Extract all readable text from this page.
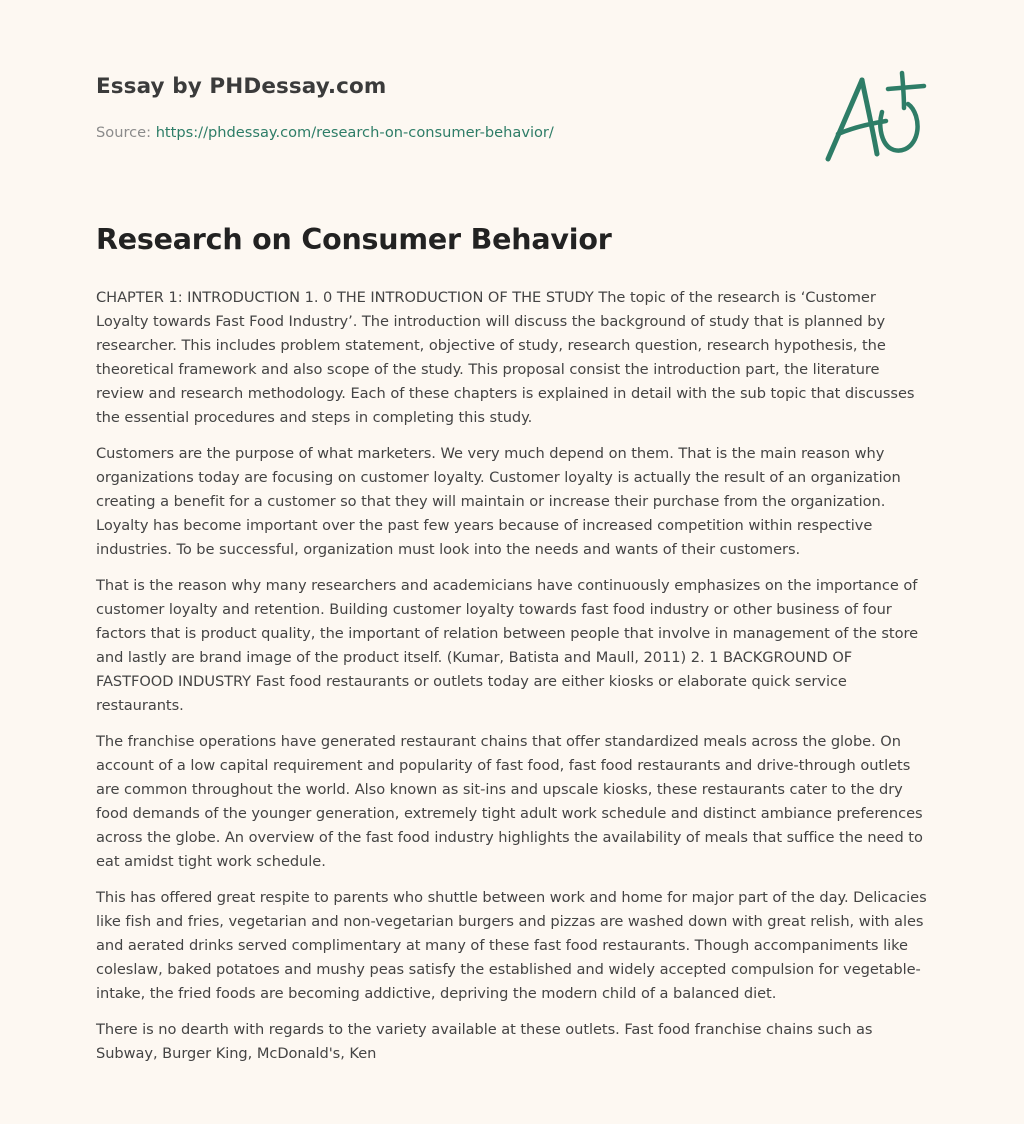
Essay by PHDessay.com
Source: https://phdessay.com/research-on-consumer-behavior/
Research on Consumer Behavior

CHAPTER 1: INTRODUCTION 1. 0 THE INTRODUCTION OF THE STUDY The topic of the research is ‘Customer Loyalty towards Fast Food Industry’. The introduction will discuss the background of study that is planned by researcher. This includes problem statement, objective of study, research question, research hypothesis, the theoretical framework and also scope of the study. This proposal consist the introduction part, the literature review and research methodology. Each of these chapters is explained in detail with the sub topic that discusses the essential procedures and steps in completing this study.

Customers are the purpose of what marketers. We very much depend on them. That is the main reason why organizations today are focusing on customer loyalty. Customer loyalty is actually the result of an organization creating a benefit for a customer so that they will maintain or increase their purchase from the organization. Loyalty has become important over the past few years because of increased competition within respective industries. To be successful, organization must look into the needs and wants of their customers.

That is the reason why many researchers and academicians have continuously emphasizes on the importance of customer loyalty and retention. Building customer loyalty towards fast food industry or other business of four factors that is product quality, the important of relation between people that involve in management of the store and lastly are brand image of the product itself. (Kumar, Batista and Maull, 2011) 2. 1 BACKGROUND OF FASTFOOD INDUSTRY Fast food restaurants or outlets today are either kiosks or elaborate quick service restaurants.

The franchise operations have generated restaurant chains that offer standardized meals across the globe. On account of a low capital requirement and popularity of fast food, fast food restaurants and drive-through outlets are common throughout the world. Also known as sit-ins and upscale kiosks, these restaurants cater to the dry food demands of the younger generation, extremely tight adult work schedule and distinct ambiance preferences across the globe. An overview of the fast food industry highlights the availability of meals that suffice the need to eat amidst tight work schedule.

This has offered great respite to parents who shuttle between work and home for major part of the day. Delicacies like fish and fries, vegetarian and non-vegetarian burgers and pizzas are washed down with great relish, with ales and aerated drinks served complimentary at many of these fast food restaurants. Though accompaniments like coleslaw, baked potatoes and mushy peas satisfy the established and widely accepted compulsion for vegetable-intake, the fried foods are becoming addictive, depriving the modern child of a balanced diet.

There is no dearth with regards to the variety available at these outlets. Fast food franchise chains such as Subway, Burger King, McDonald's, Ken
